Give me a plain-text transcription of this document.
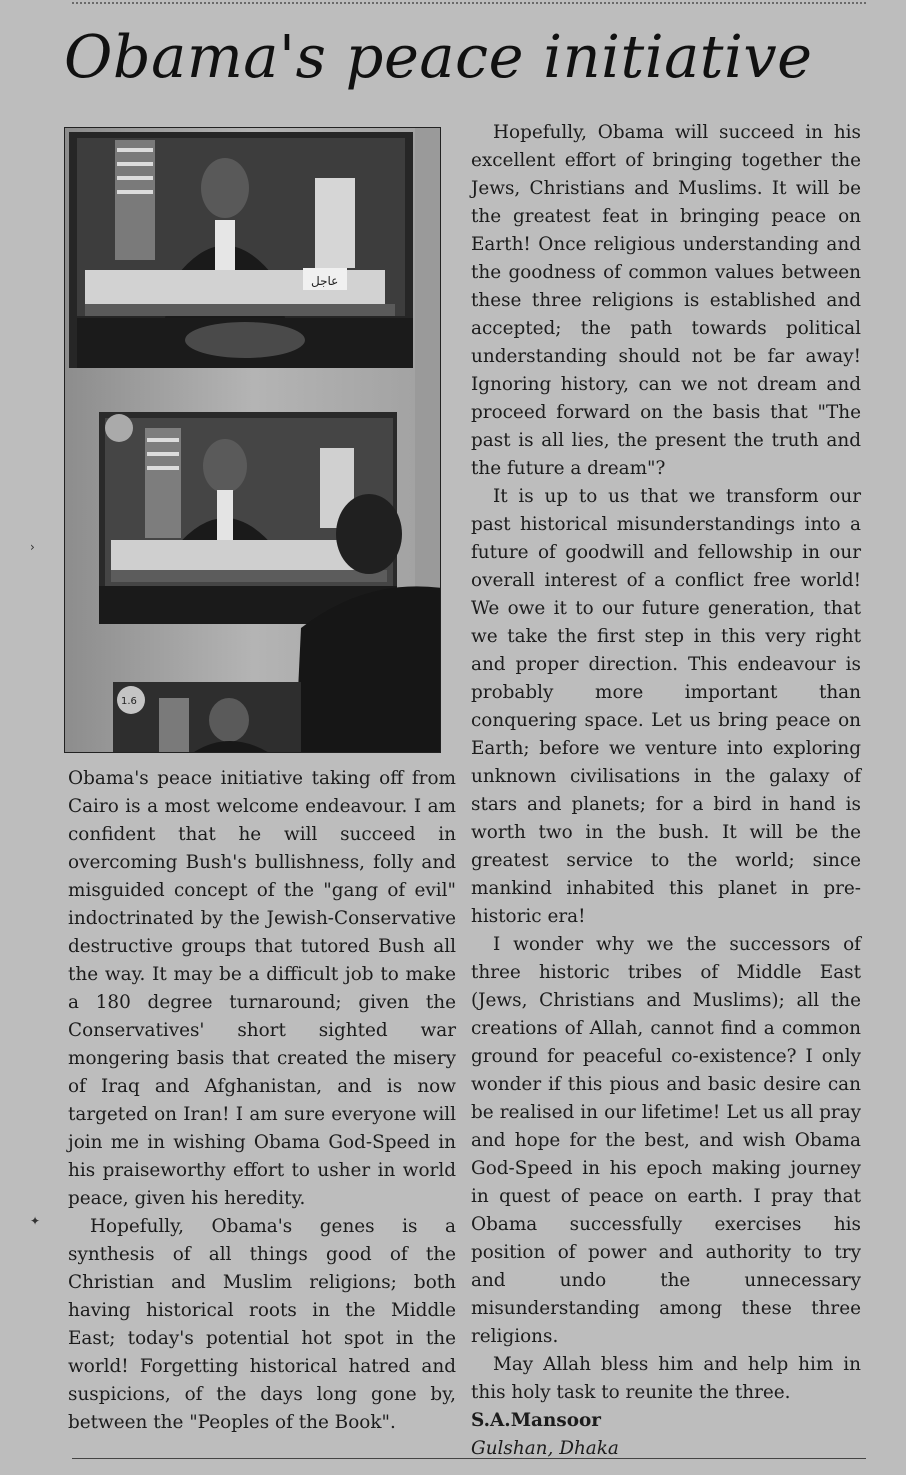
Obama's peace initiative
عاجل
1.6

Obama's peace initiative taking off from Cairo is a most welcome endeavour. I am confident that he will succeed in overcoming Bush's bullishness, folly and misguided concept of the "gang of evil" indoctrinated by the Jewish-Conservative destructive groups that tutored Bush all the way. It may be a difficult job to make a 180 degree turnaround; given the Conservatives' short sighted war mongering basis that created the misery of Iraq and Afghanistan, and is now targeted on Iran! I am sure everyone will join me in wishing Obama God-Speed in his praiseworthy effort to usher in world peace, given his heredity.

Hopefully, Obama's genes is a synthesis of all things good of the Christian and Muslim religions; both having historical roots in the Middle East; today's potential hot spot in the world! Forgetting historical hatred and suspicions, of the days long gone by, between the "Peoples of the Book".

Hopefully, Obama will succeed in his excellent effort of bringing together the Jews, Christians and Muslims. It will be the greatest feat in bringing peace on Earth! Once religious understanding and the goodness of common values between these three religions is established and accepted; the path towards political understanding should not be far away! Ignoring history, can we not dream and proceed forward on the basis that "The past is all lies, the present the truth and the future a dream"?

It is up to us that we transform our past historical misunderstandings into a future of goodwill and fellowship in our overall interest of a conflict free world! We owe it to our future generation, that we take the first step in this very right and proper direction. This endeavour is probably more important than conquering space. Let us bring peace on Earth; before we venture into exploring unknown civilisations in the galaxy of stars and planets; for a bird in hand is worth two in the bush. It will be the greatest service to the world; since mankind inhabited this planet in pre-historic era!

I wonder why we the successors of three historic tribes of Middle East (Jews, Christians and Muslims); all the creations of Allah, cannot find a common ground for peaceful co-existence? I only wonder if this pious and basic desire can be realised in our lifetime! Let us all pray and hope for the best, and wish Obama God-Speed in his epoch making journey in quest of peace on earth. I pray that Obama successfully exercises his position of power and authority to try and undo the unnecessary misunderstanding among these three religions.

May Allah bless him and help him in this holy task to reunite the three.

S.A.Mansoor

Gulshan, Dhaka

›
✦
